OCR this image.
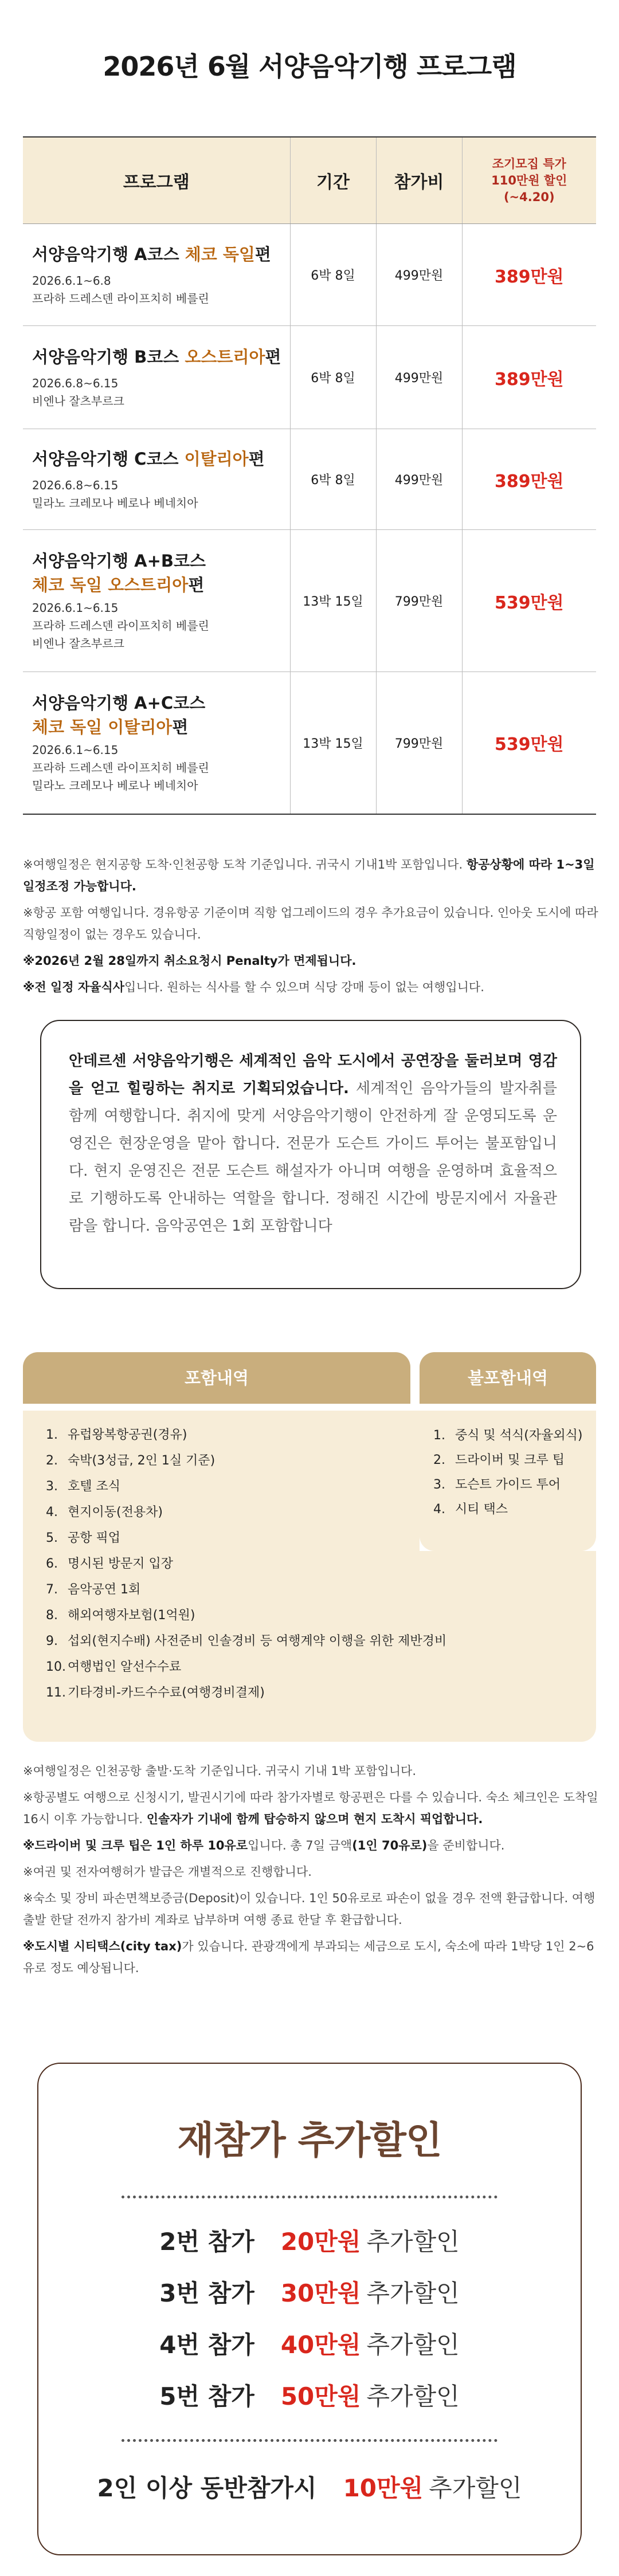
2026년 6월 서양음악기행 프로그램
프로그램	기간	참가비	조기모집 특가
110만원 할인
(~4.20)

서양음악기행 A코스 체코 독일편
2026.6.1~6.8
프라하 드레스덴 라이프치히 베를린	6박 8일	499만원	389만원

서양음악기행 B코스 오스트리아편
2026.6.8~6.15
비엔나 잘츠부르크	6박 8일	499만원	389만원

서양음악기행 C코스 이탈리아편
2026.6.8~6.15
밀라노 크레모나 베로나 베네치아	6박 8일	499만원	389만원

서양음악기행 A+B코스
체코 독일 오스트리아편
2026.6.1~6.15
프라하 드레스덴 라이프치히 베를린
비엔나 잘츠부르크	13박 15일	799만원	539만원

서양음악기행 A+C코스
체코 독일 이탈리아편
2026.6.1~6.15
프라하 드레스덴 라이프치히 베를린
밀라노 크레모나 베로나 베네치아	13박 15일	799만원	539만원

※여행일정은 현지공항 도착·인천공항 도착 기준입니다. 귀국시 기내1박 포함입니다. 항공상황에 따라 1~3일 일정조정 가능합니다.

※항공 포함 여행입니다. 경유항공 기준이며 직항 업그레이드의 경우 추가요금이 있습니다. 인아웃 도시에 따라 직항일정이 없는 경우도 있습니다.

※2026년 2월 28일까지 취소요청시 Penalty가 면제됩니다.

※전 일정 자율식사입니다. 원하는 식사를 할 수 있으며 식당 강매 등이 없는 여행입니다.

안데르센 서양음악기행은 세계적인 음악 도시에서 공연장을 둘러보며 영감을 얻고 힐링하는 취지로 기획되었습니다. 세계적인 음악가들의 발자취를 함께 여행합니다. 취지에 맞게 서양음악기행이 안전하게 잘 운영되도록 운영진은 현장운영을 맡아 합니다. 전문가 도슨트 가이드 투어는 불포함입니다. 현지 운영진은 전문 도슨트 해설자가 아니며 여행을 운영하며 효율적으로 기행하도록 안내하는 역할을 합니다. 정해진 시간에 방문지에서 자율관람을 합니다. 음악공연은 1회 포함합니다
포함내역	불포함내역
1. 유럽왕복항공권(경유)
2. 숙박(3성급, 2인 1실 기준)
3. 호텔 조식
4. 현지이동(전용차)
5. 공항 픽업
6. 명시된 방문지 입장
7. 음악공연 1회
8. 해외여행자보험(1억원)
9. 섭외(현지수배) 사전준비 인솔경비 등 여행계약 이행을 위한 제반경비
10. 여행법인 알선수수료
11. 기타경비-카드수수료(여행경비결제)
1. 중식 및 석식(자율외식)
2. 드라이버 및 크루 팁
3. 도슨트 가이드 투어
4. 시티 택스

※여행일정은 인천공항 출발·도착 기준입니다. 귀국시 기내 1박 포함입니다.

※항공별도 여행으로 신청시기, 발권시기에 따라 참가자별로 항공편은 다를 수 있습니다. 숙소 체크인은 도착일 16시 이후 가능합니다. 인솔자가 기내에 함께 탑승하지 않으며 현지 도착시 픽업합니다.

※드라이버 및 크루 팁은 1인 하루 10유로입니다. 총 7일 금액(1인 70유로)을 준비합니다.

※여권 및 전자여행허가 발급은 개별적으로 진행합니다.

※숙소 및 장비 파손면책보증금(Deposit)이 있습니다. 1인 50유로로 파손이 없을 경우 전액 환급합니다. 여행 출발 한달 전까지 참가비 계좌로 납부하며 여행 종료 한달 후 환급합니다.

※도시별 시티택스(city tax)가 있습니다. 관광객에게 부과되는 세금으로 도시, 숙소에 따라 1박당 1인 2~6유로 정도 예상됩니다.

재참가 추가할인
2번 참가 20만원 추가할인
3번 참가 30만원 추가할인
4번 참가 40만원 추가할인
5번 참가 50만원 추가할인
2인 이상 동반참가시 10만원 추가할인
